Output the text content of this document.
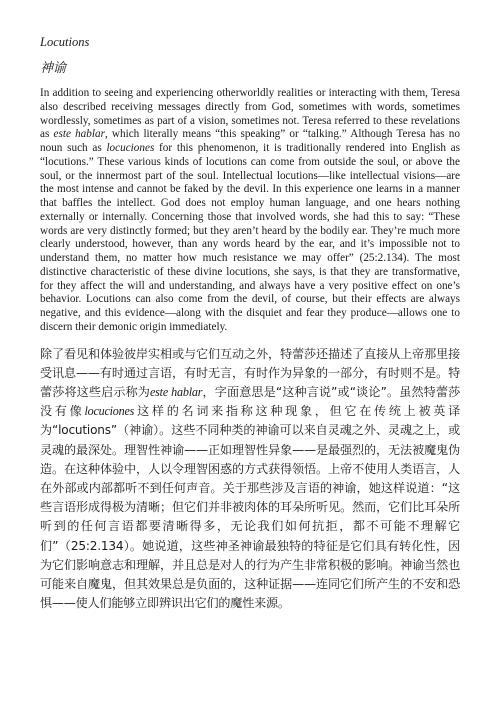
Locutions
神谕

In addition to seeing and experiencing otherworldly realities or interacting with them, Teresa also described receiving messages directly from God, sometimes with words, sometimes wordlessly, sometimes as part of a vision, sometimes not. Teresa referred to these revelations as este hablar, which literally means “this speaking” or “talking.” Although Teresa has no noun such as locuciones for this phenomenon, it is traditionally rendered into English as “locutions.” These various kinds of locutions can come from outside the soul, or above the soul, or the innermost part of the soul. Intellectual locutions—like intellectual visions—are the most intense and cannot be faked by the devil. In this experience one learns in a manner that baffles the intellect. God does not employ human language, and one hears nothing externally or internally. Concerning those that involved words, she had this to say: “These words are very distinctly formed; but they aren’t heard by the bodily ear. They’re much more clearly understood, however, than any words heard by the ear, and it’s impossible not to understand them, no matter how much resistance we may offer” (25:2.134). The most distinctive characteristic of these divine locutions, she says, is that they are transformative, for they affect the will and understanding, and always have a very positive effect on one’s behavior. Locutions can also come from the devil, of course, but their effects are always negative, and this evidence—along with the disquiet and fear they produce—allows one to discern their demonic origin immediately.

除了看见和体验彼岸实相或与它们互动之外，特蕾莎还描述了直接从上帝那里接受讯息——有时通过言语，有时无言，有时作为异象的一部分，有时则不是。特蕾莎将这些启示称为este hablar，字面意思是“这种言说”或“谈论”。虽然特蕾莎没有像locuciones这样的名词来指称这种现象，但它在传统上被英译为“locutions”（神谕）。这些不同种类的神谕可以来自灵魂之外、灵魂之上，或灵魂的最深处。理智性神谕——正如理智性异象——是最强烈的，无法被魔鬼伪造。在这种体验中，人以令理智困惑的方式获得领悟。上帝不使用人类语言，人在外部或内部都听不到任何声音。关于那些涉及言语的神谕，她这样说道：“这些言语形成得极为清晰；但它们并非被肉体的耳朵所听见。然而，它们比耳朵所听到的任何言语都要清晰得多，无论我们如何抗拒，都不可能不理解它们”（25:2.134）。她说道，这些神圣神谕最独特的特征是它们具有转化性，因为它们影响意志和理解，并且总是对人的行为产生非常积极的影响。神谕当然也可能来自魔鬼，但其效果总是负面的，这种证据——连同它们所产生的不安和恐惧——使人们能够立即辨识出它们的魔性来源。
